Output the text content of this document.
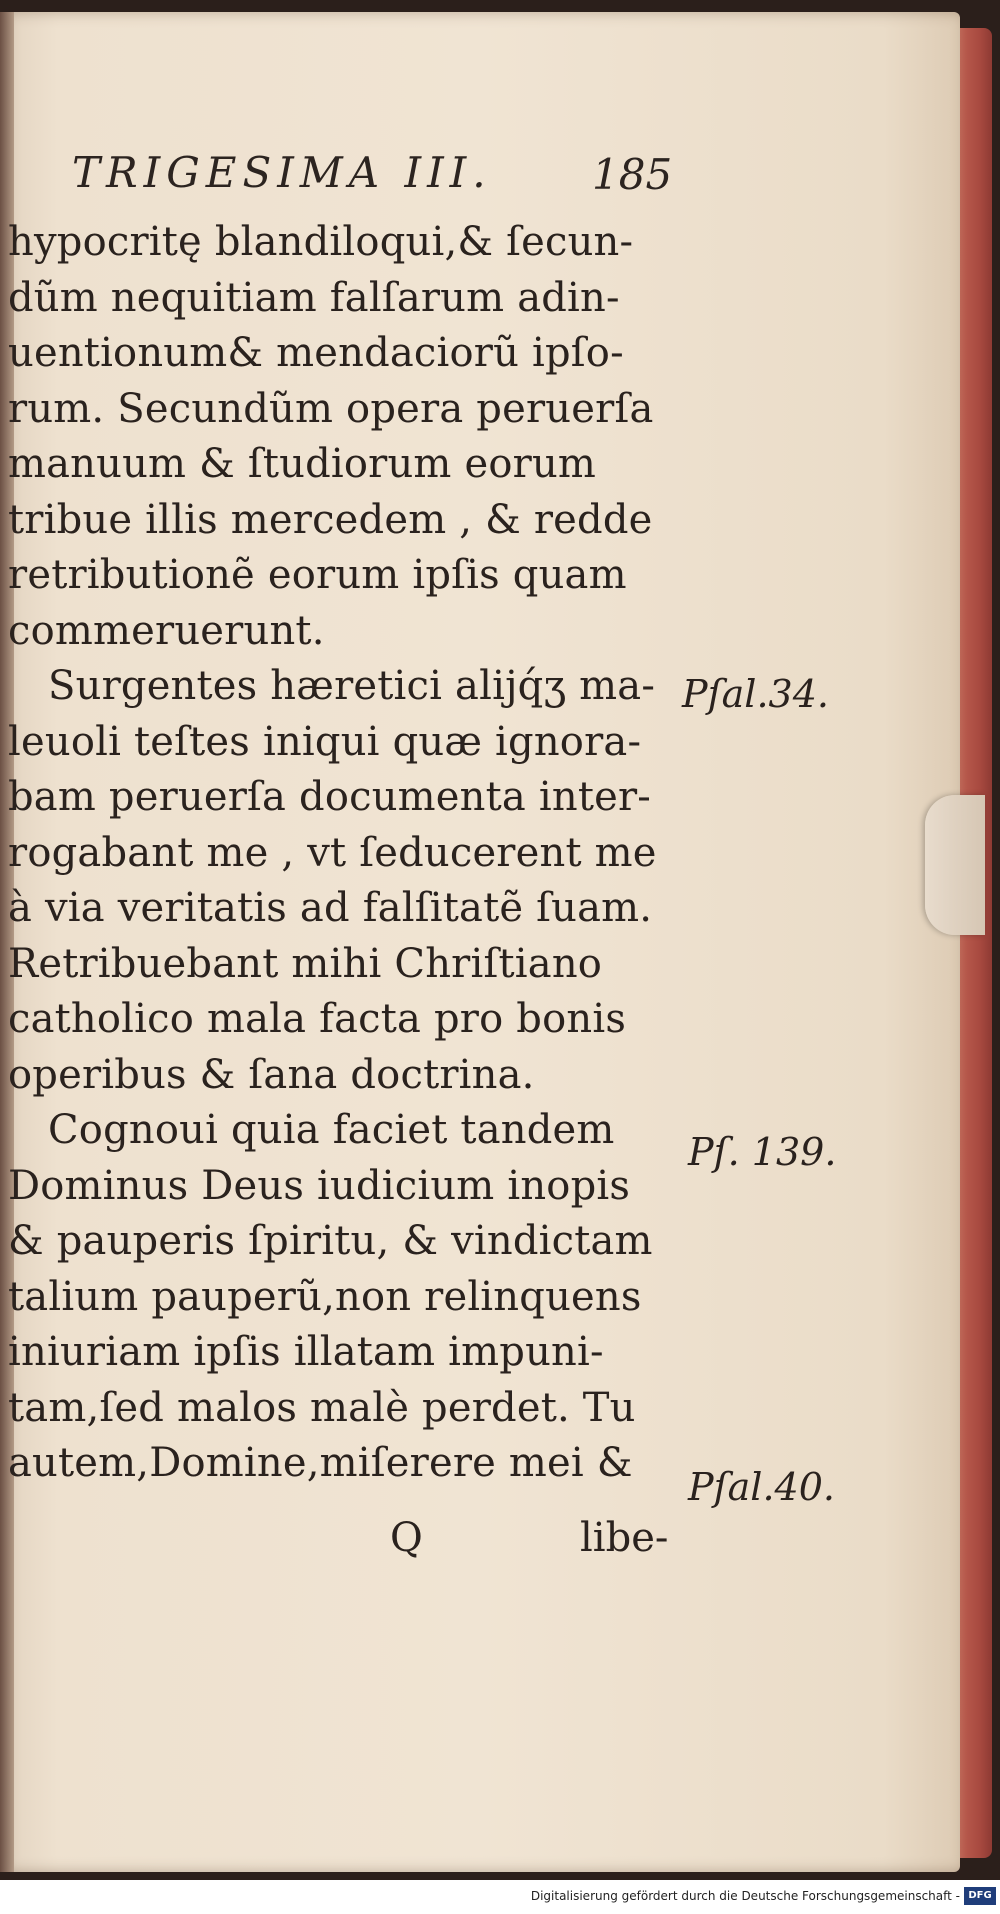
TRIGESIMA III. 185
hypocritę blandiloqui,& ſecun-
dũm nequitiam falſarum adin-
uentionum& mendaciorũ ipſo-
rum. Secundũm opera peruerſa
manuum & ſtudiorum eorum
tribue illis mercedem , & redde
retributionẽ eorum ipſis quam
commeruerunt.
Surgentes hæretici alijq́ʒ ma-
leuoli teſtes iniqui quæ ignora-
bam peruerſa documenta inter-
rogabant me , vt ſeducerent me
à via veritatis ad falſitatẽ ſuam.
Retribuebant mihi Chriſtiano
catholico mala facta pro bonis
operibus & ſana doctrina.
Cognoui quia faciet tandem
Dominus Deus iudicium inopis
& pauperis ſpiritu, & vindictam
talium pauperũ,non relinquens
iniuriam ipſis illatam impuni-
tam,ſed malos malè perdet. Tu
autem,Domine,miſerere mei &
Pſal.34.
Pſ. 139.
Pſal.40.
Q	libe-
Digitalisierung gefördert durch die Deutsche Forschungsgemeinschaft - DFG
